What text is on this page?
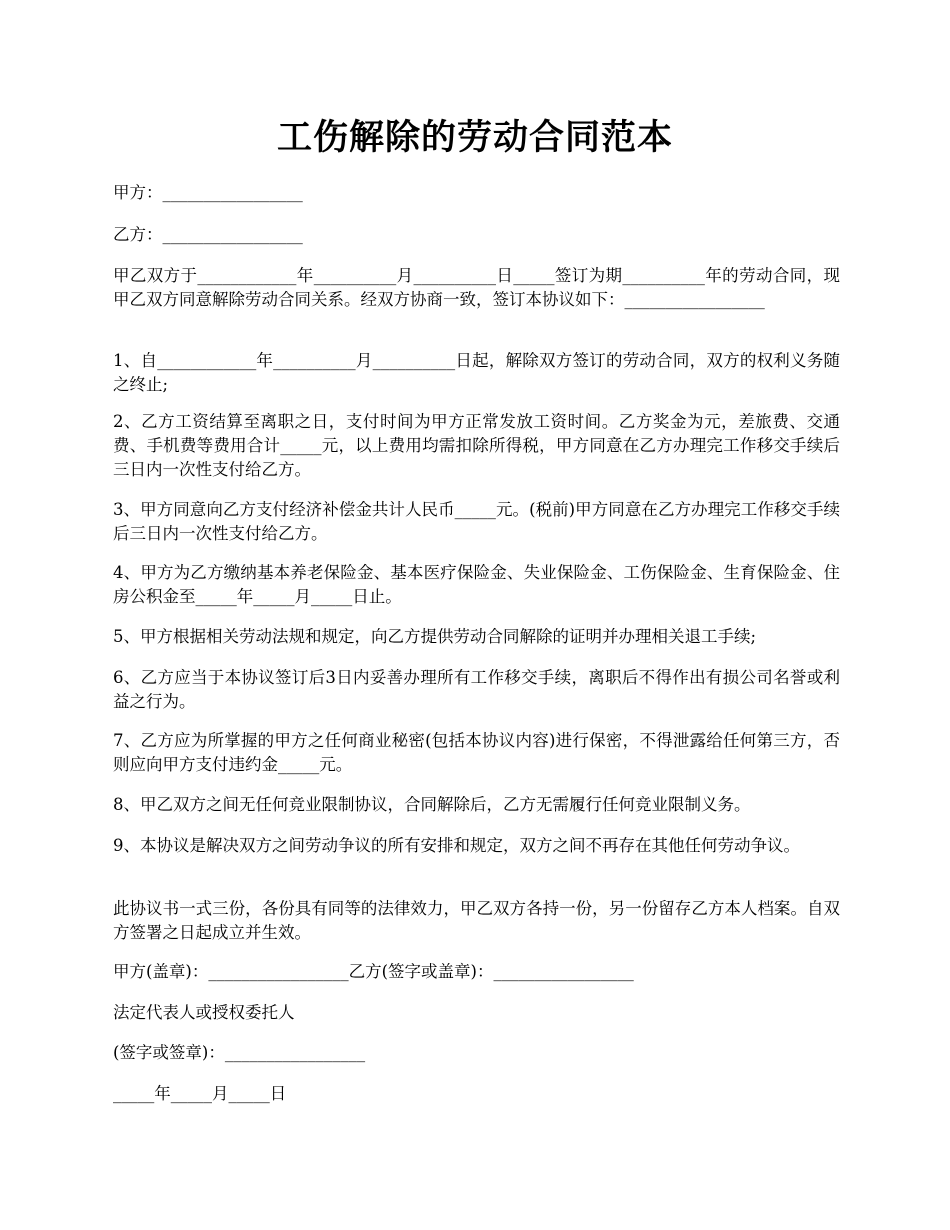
工伤解除的劳动合同范本

甲方：_________________

乙方：_________________

甲乙双方于____________年__________月__________日_____签订为期__________年的劳动合同，现甲乙双方同意解除劳动合同关系。经双方协商一致，签订本协议如下：_________________

1、自____________年__________月__________日起，解除双方签订的劳动合同，双方的权利义务随之终止;

2、乙方工资结算至离职之日，支付时间为甲方正常发放工资时间。乙方奖金为元，差旅费、交通费、手机费等费用合计_____元，以上费用均需扣除所得税，甲方同意在乙方办理完工作移交手续后三日内一次性支付给乙方。

3、甲方同意向乙方支付经济补偿金共计人民币_____元。(税前)甲方同意在乙方办理完工作移交手续后三日内一次性支付给乙方。

4、甲方为乙方缴纳基本养老保险金、基本医疗保险金、失业保险金、工伤保险金、生育保险金、住房公积金至_____年_____月_____日止。

5、甲方根据相关劳动法规和规定，向乙方提供劳动合同解除的证明并办理相关退工手续;

6、乙方应当于本协议签订后3日内妥善办理所有工作移交手续，离职后不得作出有损公司名誉或利益之行为。

7、乙方应为所掌握的甲方之任何商业秘密(包括本协议内容)进行保密，不得泄露给任何第三方，否则应向甲方支付违约金_____元。

8、甲乙双方之间无任何竞业限制协议，合同解除后，乙方无需履行任何竞业限制义务。

9、本协议是解决双方之间劳动争议的所有安排和规定，双方之间不再存在其他任何劳动争议。

此协议书一式三份，各份具有同等的法律效力，甲乙双方各持一份，另一份留存乙方本人档案。自双方签署之日起成立并生效。

甲方(盖章)：_________________乙方(签字或盖章)：_________________

法定代表人或授权委托人

(签字或签章)：_________________

_____年_____月_____日
